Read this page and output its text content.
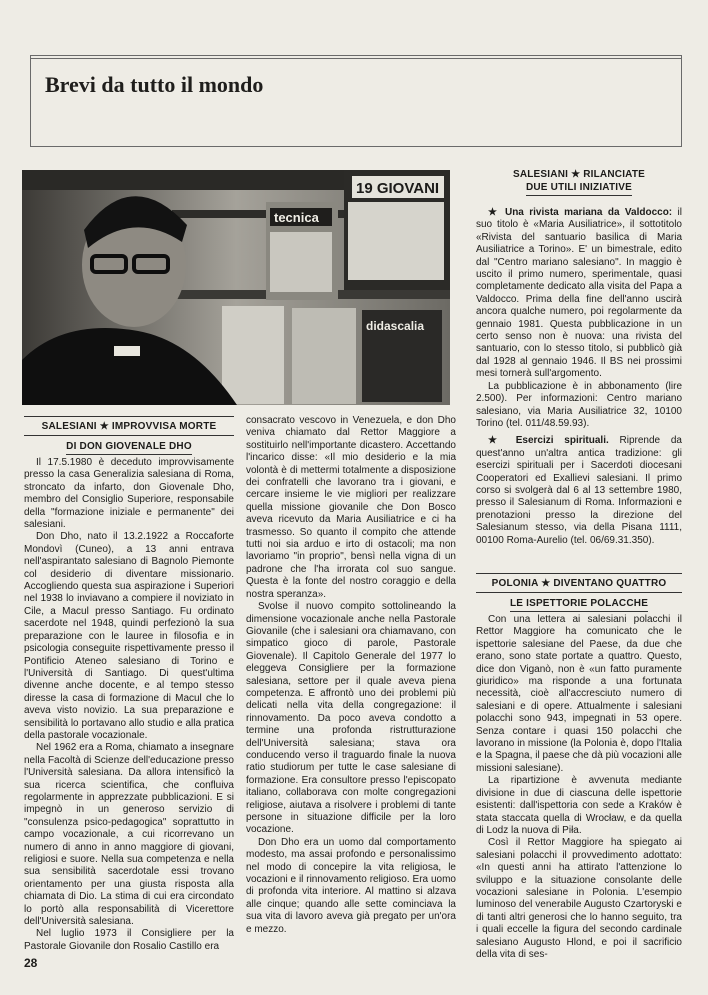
Brevi da tutto il mondo
19 GIOVANI
tecnica
didascalia
SALESIANI ★ IMPROVVISA MORTE
DI DON GIOVENALE DHO

Il 17.5.1980 è deceduto improvvisamente presso la casa Generalizia salesiana di Roma, stroncato da infarto, don Giovenale Dho, membro del Consiglio Superiore, responsabile della "formazione iniziale e permanente" dei salesiani.

Don Dho, nato il 13.2.1922 a Roccaforte Mondovì (Cuneo), a 13 anni entrava nell'aspirantato salesiano di Bagnolo Piemonte col desiderio di diventare missionario. Accogliendo questa sua aspirazione i Superiori nel 1938 lo inviavano a compiere il noviziato in Cile, a Macul presso Santiago. Fu ordinato sacerdote nel 1948, quindi perfezionò la sua preparazione con le lauree in filosofia e in psicologia conseguite rispettivamente presso il Pontificio Ateneo salesiano di Torino e l'Università di Santiago. Di quest'ultima divenne anche docente, e al tempo stesso diresse la casa di formazione di Macul che lo aveva visto novizio. La sua preparazione e sensibilità lo portavano allo studio e alla pratica della pastorale vocazionale.

Nel 1962 era a Roma, chiamato a insegnare nella Facoltà di Scienze dell'educazione presso l'Università salesiana. Da allora intensificò la sua ricerca scientifica, che confluiva regolarmente in apprezzate pubblicazioni. E si impegnò in un generoso servizio di "consulenza psico-pedagogica" soprattutto in campo vocazionale, a cui ricorrevano un numero di anno in anno maggiore di giovani, religiosi e suore. Nella sua competenza e nella sua sensibilità sacerdotale essi trovano orientamento per una giusta risposta alla chiamata di Dio. La stima di cui era circondato lo portò alla responsabilità di Vicerettore dell'Università salesiana.

Nel luglio 1973 il Consigliere per la Pastorale Giovanile don Rosalio Castillo era

consacrato vescovo in Venezuela, e don Dho veniva chiamato dal Rettor Maggiore a sostituirlo nell'importante dicastero. Accettando l'incarico disse: «Il mio desiderio e la mia volontà è di mettermi totalmente a disposizione dei confratelli che lavorano tra i giovani, e cercare insieme le vie migliori per realizzare quella missione giovanile che Don Bosco aveva ricevuto da Maria Ausiliatrice e ci ha trasmesso. So quanto il compito che attende tutti noi sia arduo e irto di ostacoli; ma non lavoriamo "in proprio", bensì nella vigna di un padrone che l'ha irrorata col suo sangue. Questa è la fonte del nostro coraggio e della nostra speranza».

Svolse il nuovo compito sottolineando la dimensione vocazionale anche nella Pastorale Giovanile (che i salesiani ora chiamavano, con simpatico gioco di parole, Pastorale Giovenale). Il Capitolo Generale del 1977 lo eleggeva Consigliere per la formazione salesiana, settore per il quale aveva piena competenza. E affrontò uno dei problemi più delicati nella vita della congregazione: il rinnovamento. Da poco aveva condotto a termine una profonda ristrutturazione dell'Università salesiana; stava ora conducendo verso il traguardo finale la nuova ratio studiorum per tutte le case salesiane di formazione. Era consultore presso l'episcopato italiano, collaborava con molte congregazioni religiose, aiutava a risolvere i problemi di tante persone in situazione difficile per la loro vocazione.

Don Dho era un uomo dal comportamento modesto, ma assai profondo e personalissimo nel modo di concepire la vita religiosa, le vocazioni e il rinnovamento religioso. Era uomo di profonda vita interiore. Al mattino si alzava alle cinque; quando alle sette cominciava la sua vita di lavoro aveva già pregato per un'ora e mezzo.

SALESIANI ★ RILANCIATE
DUE UTILI INIZIATIVE

★ Una rivista mariana da Valdocco: il suo titolo è «Maria Ausiliatrice», il sottotitolo «Rivista del santuario basilica di Maria Ausiliatrice a Torino». E' un bimestrale, edito dal "Centro mariano salesiano". In maggio è uscito il primo numero, sperimentale, quasi completamente dedicato alla visita del Papa a Valdocco. Prima della fine dell'anno uscirà ancora qualche numero, poi regolarmente da gennaio 1981. Questa pubblicazione in un certo senso non è nuova: una rivista del santuario, con lo stesso titolo, si pubblicò già dal 1928 al gennaio 1946. Il BS nei prossimi mesi tornerà sull'argomento.

La pubblicazione è in abbonamento (lire 2.500). Per informazioni: Centro mariano salesiano, via Maria Ausiliatrice 32, 10100 Torino (tel. 011/48.59.93).

★ Esercizi spirituali. Riprende da quest'anno un'altra antica tradizione: gli esercizi spirituali per i Sacerdoti diocesani Cooperatori ed Exallievi salesiani. Il primo corso si svolgerà dal 6 al 13 settembre 1980, presso il Salesianum di Roma. Informazioni e prenotazioni presso la direzione del Salesianum stesso, via della Pisana 1111, 00100 Roma-Aurelio (tel. 06/69.31.350).

POLONIA ★ DIVENTANO QUATTRO
LE ISPETTORIE POLACCHE

Con una lettera ai salesiani polacchi il Rettor Maggiore ha comunicato che le ispettorie salesiane del Paese, da due che erano, sono state portate a quattro. Questo, dice don Viganò, non è «un fatto puramente giuridico» ma risponde a una fortunata necessità, cioè all'accresciuto numero di salesiani e di opere. Attualmente i salesiani polacchi sono 943, impegnati in 53 opere. Senza contare i quasi 150 polacchi che lavorano in missione (la Polonia è, dopo l'Italia e la Spagna, il paese che dà più vocazioni alle missioni salesiane).

La ripartizione è avvenuta mediante divisione in due di ciascuna delle ispettorie esistenti: dall'ispettoria con sede a Kraków è stata staccata quella di Wrocław, e da quella di Lodz la nuova di Piła.

Così il Rettor Maggiore ha spiegato ai salesiani polacchi il provvedimento adottato: «In questi anni ha attirato l'attenzione lo sviluppo e la situazione consolante delle vocazioni salesiane in Polonia. L'esempio luminoso del venerabile Augusto Czartoryski e di tanti altri generosi che lo hanno seguito, tra i quali eccelle la figura del secondo cardinale salesiano Augusto Hlond, e poi il sacrificio della vita di ses-

28
